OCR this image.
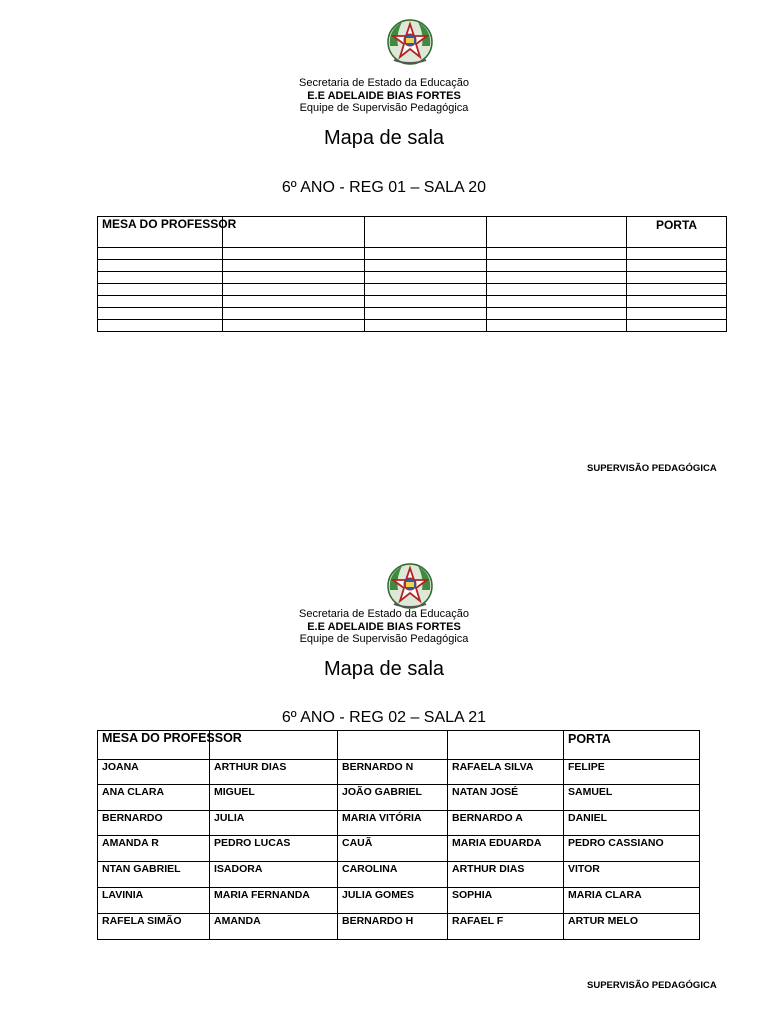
Secretaria de Estado da Educação
E.E ADELAIDE BIAS FORTES
Equipe de Supervisão Pedagógica
Mapa de sala
6º ANO - REG 01 – SALA 20
MESA DO PROFESSOR				PORTA

SUPERVISÃO PEDAGÓGICA
Secretaria de Estado da Educação
E.E ADELAIDE BIAS FORTES
Equipe de Supervisão Pedagógica
Mapa de sala
6º ANO - REG 02 – SALA 21
MESA DO PROFESSOR				PORTA
JOANA	ARTHUR DIAS	BERNARDO N	RAFAELA SILVA	FELIPE
ANA CLARA	MIGUEL	JOÃO GABRIEL	NATAN JOSÉ	SAMUEL
BERNARDO	JULIA	MARIA VITÓRIA	BERNARDO A	DANIEL
AMANDA R	PEDRO LUCAS	CAUÃ	MARIA EDUARDA	PEDRO CASSIANO
NTAN GABRIEL	ISADORA	CAROLINA	ARTHUR DIAS	VITOR
LAVINIA	MARIA FERNANDA	JULIA GOMES	SOPHIA	MARIA CLARA
RAFELA SIMÃO	AMANDA	BERNARDO H	RAFAEL F	ARTUR MELO
SUPERVISÃO PEDAGÓGICA
